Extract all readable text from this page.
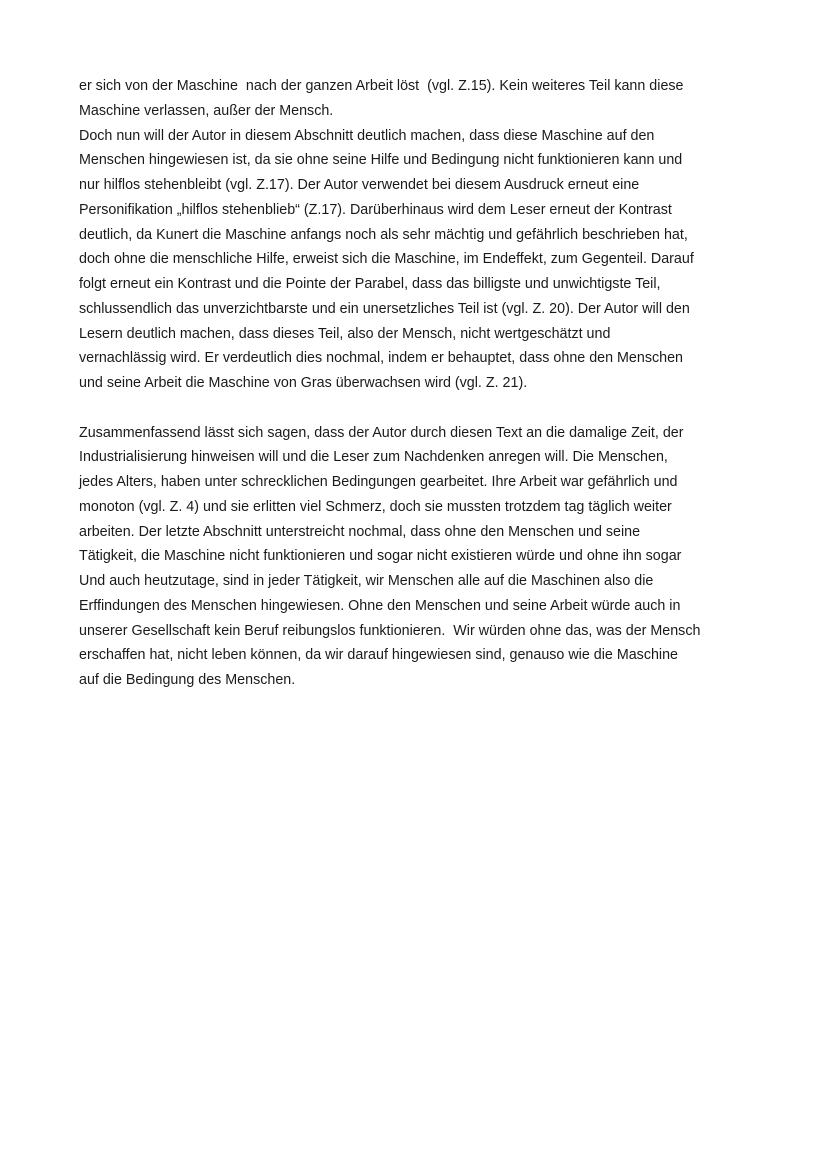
er sich von der Maschine  nach der ganzen Arbeit löst  (vgl. Z.15). Kein weiteres Teil kann diese
Maschine verlassen, außer der Mensch.
Doch nun will der Autor in diesem Abschnitt deutlich machen, dass diese Maschine auf den
Menschen hingewiesen ist, da sie ohne seine Hilfe und Bedingung nicht funktionieren kann und
nur hilflos stehenbleibt (vgl. Z.17). Der Autor verwendet bei diesem Ausdruck erneut eine
Personifikation „hilflos stehenblieb“ (Z.17). Darüberhinaus wird dem Leser erneut der Kontrast
deutlich, da Kunert die Maschine anfangs noch als sehr mächtig und gefährlich beschrieben hat,
doch ohne die menschliche Hilfe, erweist sich die Maschine, im Endeffekt, zum Gegenteil. Darauf
folgt erneut ein Kontrast und die Pointe der Parabel, dass das billigste und unwichtigste Teil,
schlussendlich das unverzichtbarste und ein unersetzliches Teil ist (vgl. Z. 20). Der Autor will den
Lesern deutlich machen, dass dieses Teil, also der Mensch, nicht wertgeschätzt und
vernachlässig wird. Er verdeutlich dies nochmal, indem er behauptet, dass ohne den Menschen
und seine Arbeit die Maschine von Gras überwachsen wird (vgl. Z. 21).
Zusammenfassend lässt sich sagen, dass der Autor durch diesen Text an die damalige Zeit, der
Industrialisierung hinweisen will und die Leser zum Nachdenken anregen will. Die Menschen,
jedes Alters, haben unter schrecklichen Bedingungen gearbeitet. Ihre Arbeit war gefährlich und
monoton (vgl. Z. 4) und sie erlitten viel Schmerz, doch sie mussten trotzdem tag täglich weiter
arbeiten. Der letzte Abschnitt unterstreicht nochmal, dass ohne den Menschen und seine
Tätigkeit, die Maschine nicht funktionieren und sogar nicht existieren würde und ohne ihn sogar
Und auch heutzutage, sind in jeder Tätigkeit, wir Menschen alle auf die Maschinen also die
Erffindungen des Menschen hingewiesen. Ohne den Menschen und seine Arbeit würde auch in
unserer Gesellschaft kein Beruf reibungslos funktionieren.  Wir würden ohne das, was der Mensch
erschaffen hat, nicht leben können, da wir darauf hingewiesen sind, genauso wie die Maschine
auf die Bedingung des Menschen.
